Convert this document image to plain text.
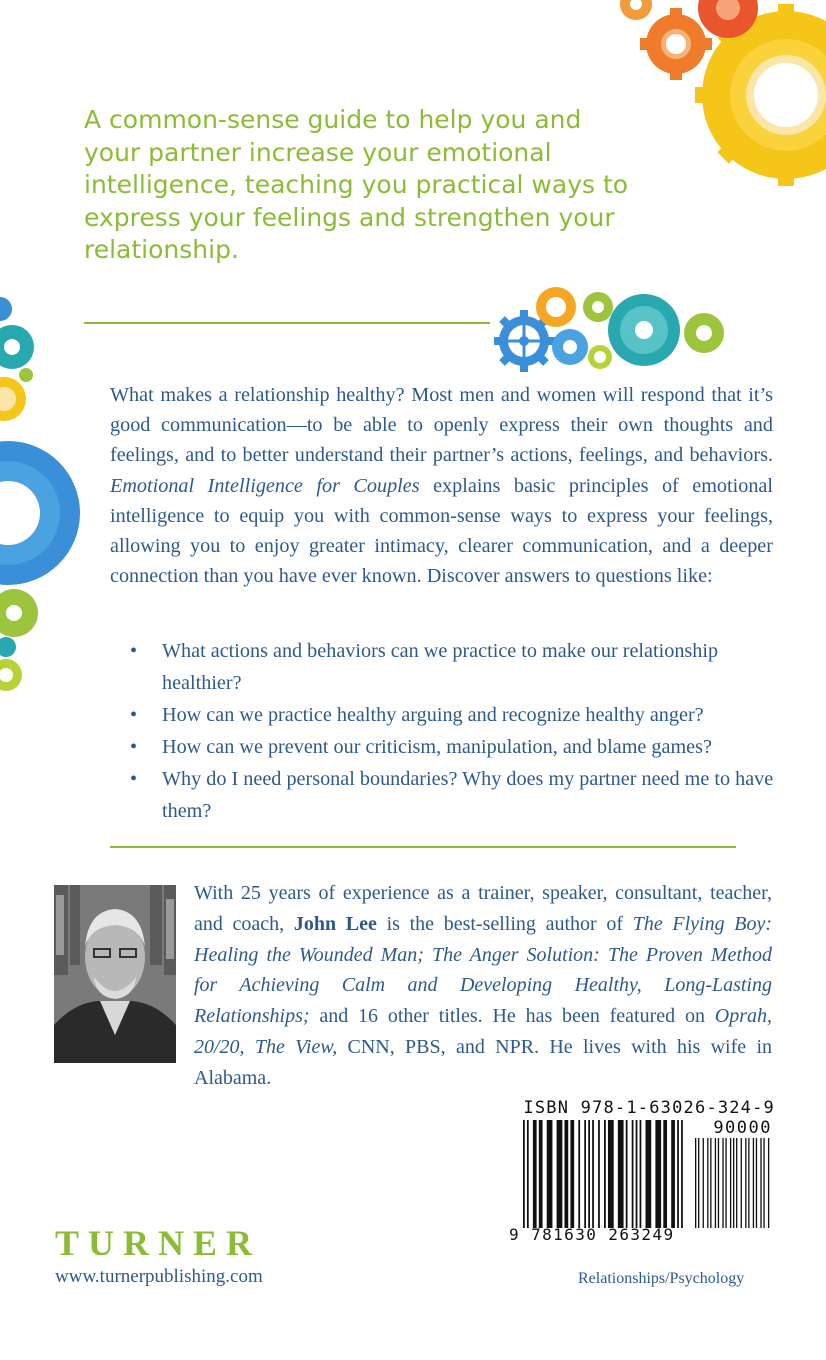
A common-sense guide to help you and your partner increase your emotional intelligence, teaching you practical ways to express your feelings and strengthen your relationship.

What makes a relationship healthy? Most men and women will respond that it’s good communication—to be able to openly express their own thoughts and feelings, and to better understand their partner’s actions, feelings, and behaviors. Emotional Intelligence for Couples explains basic principles of emotional intelligence to equip you with common-sense ways to express your feelings, allowing you to enjoy greater intimacy, clearer communication, and a deeper connection than you have ever known. Discover answers to questions like:

• What actions and behaviors can we practice to make our relationship healthier?
• How can we practice healthy arguing and recognize healthy anger?
• How can we prevent our criticism, manipulation, and blame games?
• Why do I need personal boundaries? Why does my partner need me to have them?

With 25 years of experience as a trainer, speaker, consultant, teacher, and coach, John Lee is the best-selling author of The Flying Boy: Healing the Wounded Man; The Anger Solution: The Proven Method for Achieving Calm and Developing Healthy, Long-Lasting Relationships; and 16 other titles. He has been featured on Oprah, 20/20, The View, CNN, PBS, and NPR. He lives with his wife in Alabama.

ISBN 978-1-63026-324-9
90000
9 781630 263249
TURNER
www.turnerpublishing.com	Relationships/Psychology
